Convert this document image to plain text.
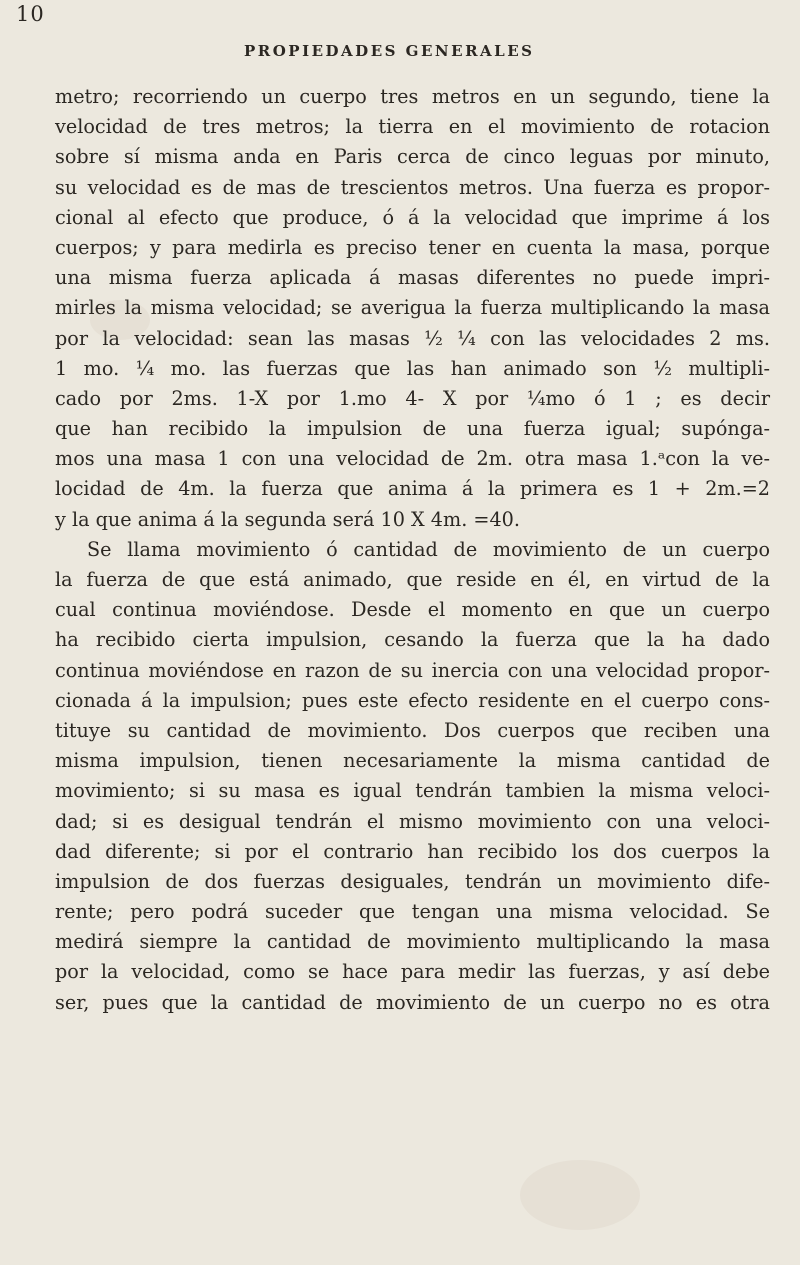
10
PROPIEDADES GENERALES
metro; recorriendo un cuerpo tres metros en un segundo, tiene la
velocidad de tres metros; la tierra en el movimiento de rotacion
sobre sí misma anda en Paris cerca de cinco leguas por minuto,
su velocidad es de mas de trescientos metros. Una fuerza es propor-
cional al efecto que produce, ó á la velocidad que imprime á los
cuerpos; y para medirla es preciso tener en cuenta la masa, porque
una misma fuerza aplicada á masas diferentes no puede impri-
mirles la misma velocidad; se averigua la fuerza multiplicando la masa
por la velocidad: sean las masas ½ ¼ con las velocidades 2 ms.
1 mo. ¼ mo. las fuerzas que las han animado son ½ multipli-
cado por 2ms. 1-X por 1.mo 4- X por ¼mo ó 1 ; es decir
que han recibido la impulsion de una fuerza igual; supónga-
mos una masa 1 con una velocidad de 2m. otra masa 1.ᵃcon la ve-
locidad de 4m. la fuerza que anima á la primera es 1 + 2m.=2
y la que anima á la segunda será 10 X 4m. =40.
Se llama movimiento ó cantidad de movimiento de un cuerpo
la fuerza de que está animado, que reside en él, en virtud de la
cual continua moviéndose. Desde el momento en que un cuerpo
ha recibido cierta impulsion, cesando la fuerza que la ha dado
continua moviéndose en razon de su inercia con una velocidad propor-
cionada á la impulsion; pues este efecto residente en el cuerpo cons-
tituye su cantidad de movimiento. Dos cuerpos que reciben una
misma impulsion, tienen necesariamente la misma cantidad de
movimiento; si su masa es igual tendrán tambien la misma veloci-
dad; si es desigual tendrán el mismo movimiento con una veloci-
dad diferente; si por el contrario han recibido los dos cuerpos la
impulsion de dos fuerzas desiguales, tendrán un movimiento dife-
rente; pero podrá suceder que tengan una misma velocidad. Se
medirá siempre la cantidad de movimiento multiplicando la masa
por la velocidad, como se hace para medir las fuerzas, y así debe
ser, pues que la cantidad de movimiento de un cuerpo no es otra
